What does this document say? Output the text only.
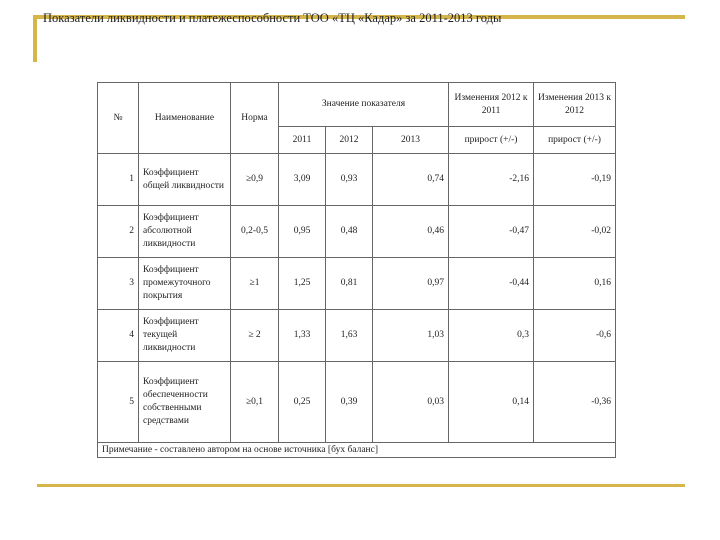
Показатели ликвидности и платежеспособности ТОО «ТЦ «Кадар» за 2011-2013 годы
№	Наименование	Норма	Значение показателя			Изменения 2012 к 2011	Изменения 2013 к 2012
			2011	2012	2013	прирост (+/-)	прирост (+/-)
1	Коэффициент общей ликвидности	≥0,9	3,09	0,93	0,74	-2,16	-0,19
2	Коэффициент абсолютной ликвидности	0,2-0,5	0,95	0,48	0,46	-0,47	-0,02
3	Коэффициент промежуточного покрытия	≥1	1,25	0,81	0,97	-0,44	0,16
4	Коэффициент текущей ликвидности	≥ 2	1,33	1,63	1,03	0,3	-0,6
5	Коэффициент обеспеченности собственными средствами	≥0,1	0,25	0,39	0,03	0,14	-0,36
Примечание - составлено автором на основе источника [бух баланс]							
